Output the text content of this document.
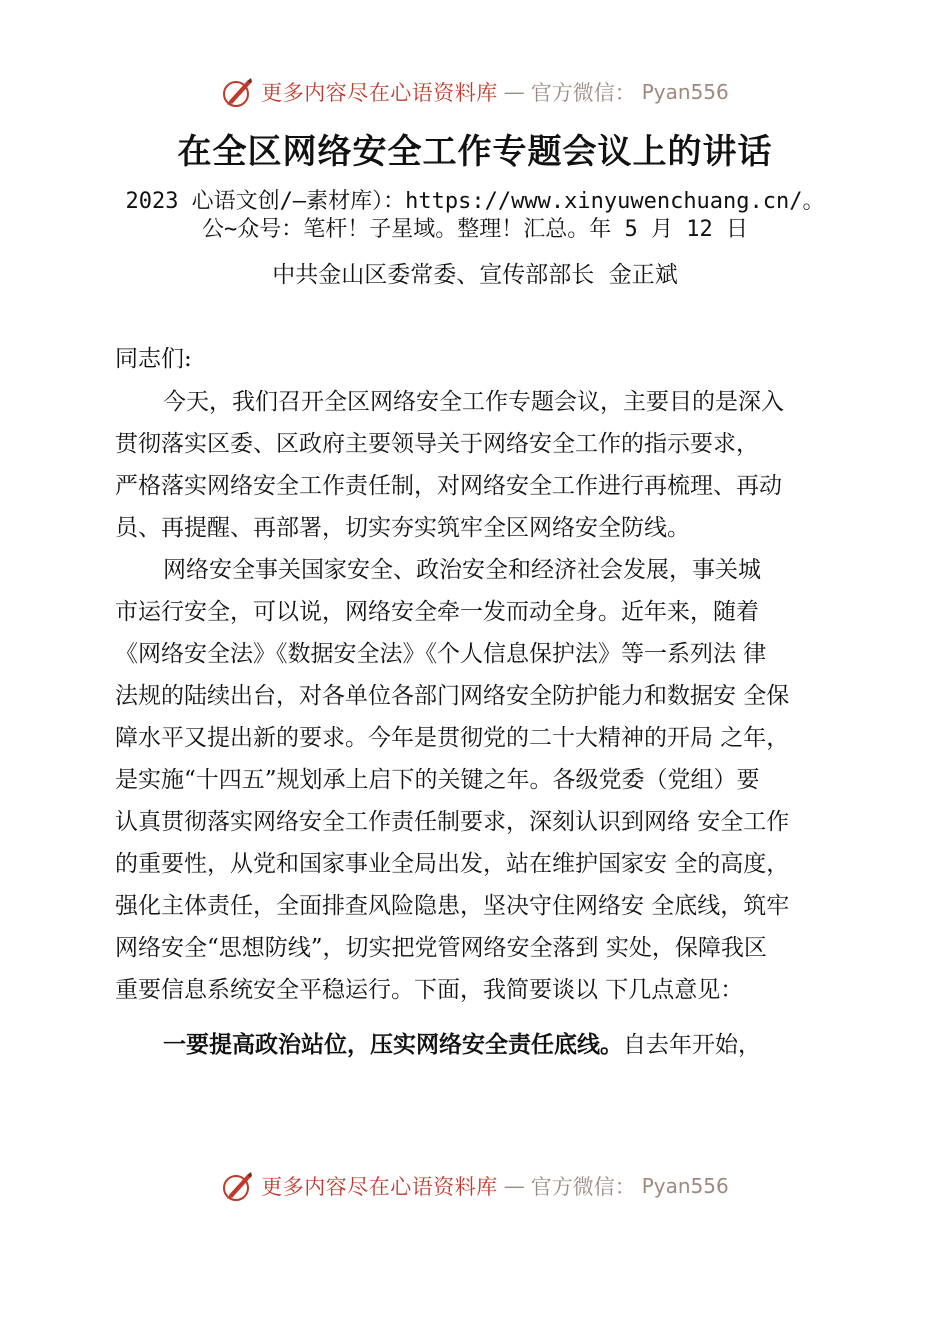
更多内容尽在心语资料库 — 官方微信： Pyan556
在全区网络安全工作专题会议上的讲话
2023 心语文创/—素材库）：https://www.xinyuwenchuang.cn/。
公~众号：笔杆！子星域。整理！汇总。年 5 月 12 日
中共金山区委常委、宣传部部长  金正斌
同志们:
今天，我们召开全区网络安全工作专题会议，主要目的是深入
贯彻落实区委、区政府主要领导关于网络安全工作的指示要求，
严格落实网络安全工作责任制，对网络安全工作进行再梳理、再动
员、再提醒、再部署，切实夯实筑牢全区网络安全防线。
网络安全事关国家安全、政治安全和经济社会发展，事关城
市运行安全，可以说，网络安全牵一发而动全身。近年来，随着
《网络安全法》《数据安全法》《个人信息保护法》等一系列法 律
法规的陆续出台，对各单位各部门网络安全防护能力和数据安 全保
障水平又提出新的要求。今年是贯彻党的二十大精神的开局 之年，
是实施“十四五”规划承上启下的关键之年。各级党委（党组）要
认真贯彻落实网络安全工作责任制要求，深刻认识到网络 安全工作
的重要性，从党和国家事业全局出发，站在维护国家安 全的高度，
强化主体责任，全面排查风险隐患，坚决守住网络安 全底线，筑牢
网络安全“思想防线”，切实把党管网络安全落到 实处，保障我区
重要信息系统安全平稳运行。下面，我简要谈以 下几点意见：
一要提高政治站位，压实网络安全责任底线。自去年开始，
更多内容尽在心语资料库 — 官方微信： Pyan556
